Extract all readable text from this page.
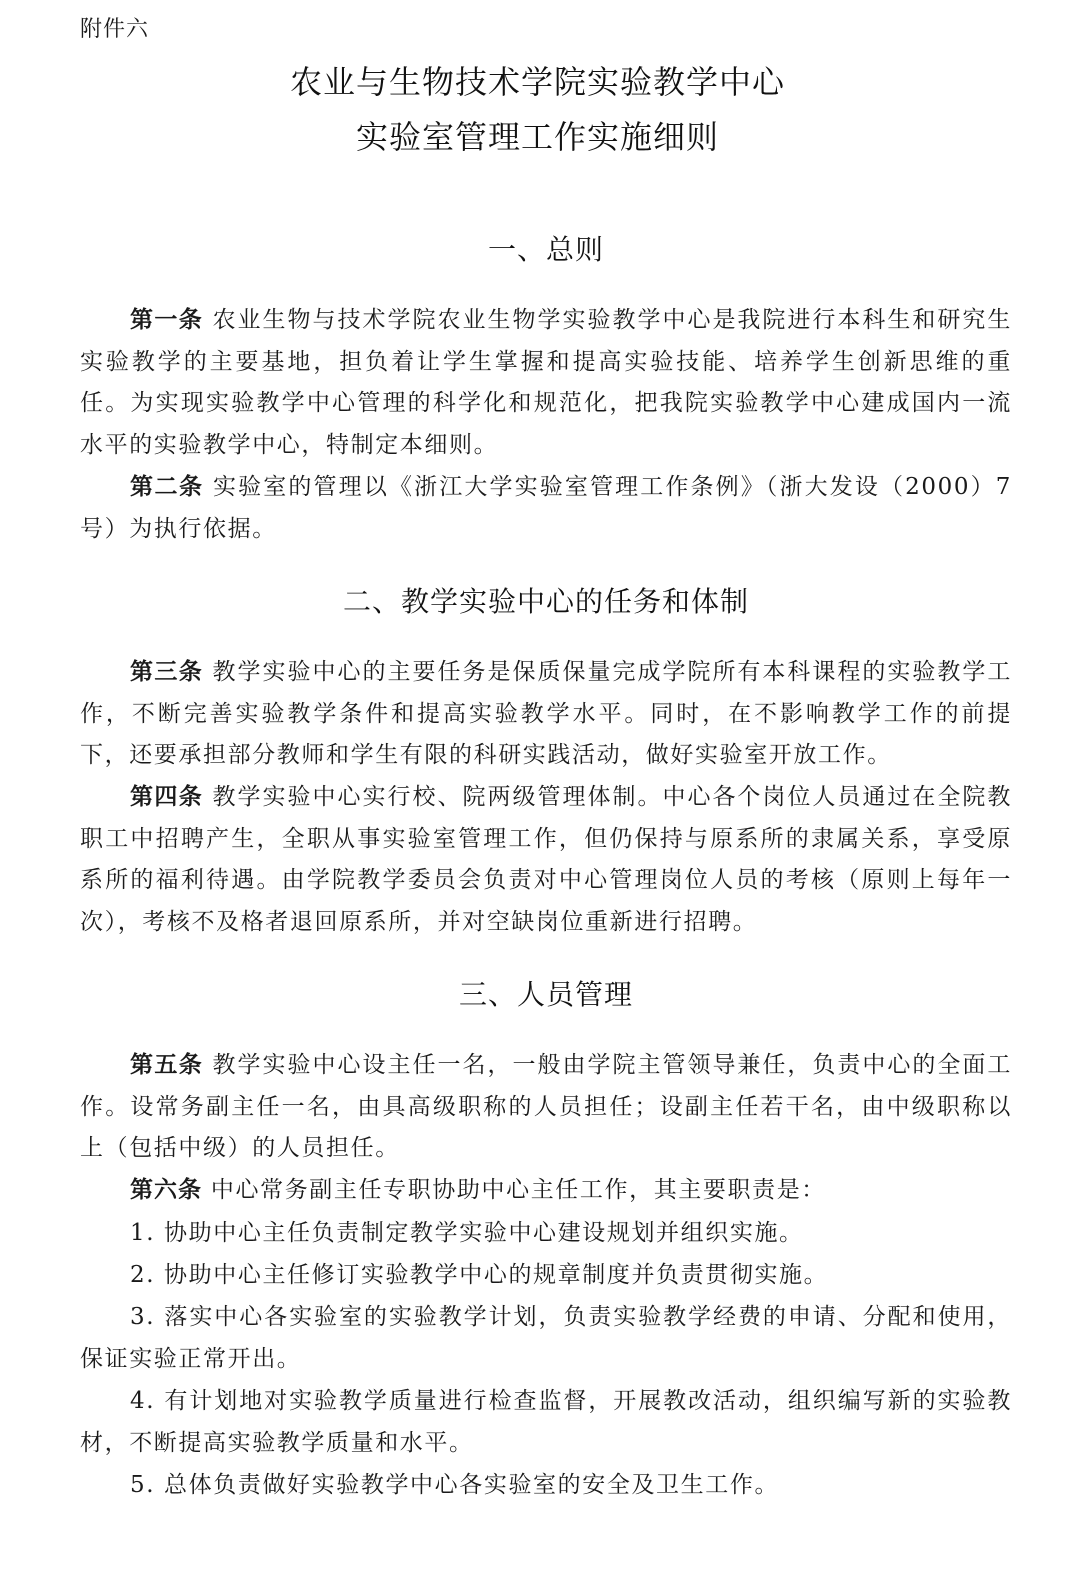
附件六
农业与生物技术学院实验教学中心
实验室管理工作实施细则
一、总则

第一条 农业生物与技术学院农业生物学实验教学中心是我院进行本科生和研究生实验教学的主要基地，担负着让学生掌握和提高实验技能、培养学生创新思维的重任。为实现实验教学中心管理的科学化和规范化，把我院实验教学中心建成国内一流水平的实验教学中心，特制定本细则。

第二条 实验室的管理以《浙江大学实验室管理工作条例》（浙大发设（2000）7号）为执行依据。

二、教学实验中心的任务和体制

第三条 教学实验中心的主要任务是保质保量完成学院所有本科课程的实验教学工作，不断完善实验教学条件和提高实验教学水平。同时，在不影响教学工作的前提下，还要承担部分教师和学生有限的科研实践活动，做好实验室开放工作。

第四条 教学实验中心实行校、院两级管理体制。中心各个岗位人员通过在全院教职工中招聘产生，全职从事实验室管理工作，但仍保持与原系所的隶属关系，享受原系所的福利待遇。由学院教学委员会负责对中心管理岗位人员的考核（原则上每年一次），考核不及格者退回原系所，并对空缺岗位重新进行招聘。

三、人员管理

第五条 教学实验中心设主任一名，一般由学院主管领导兼任，负责中心的全面工作。设常务副主任一名，由具高级职称的人员担任；设副主任若干名，由中级职称以上（包括中级）的人员担任。

第六条 中心常务副主任专职协助中心主任工作，其主要职责是：

1. 协助中心主任负责制定教学实验中心建设规划并组织实施。

2. 协助中心主任修订实验教学中心的规章制度并负责贯彻实施。

3. 落实中心各实验室的实验教学计划，负责实验教学经费的申请、分配和使用，保证实验正常开出。

4. 有计划地对实验教学质量进行检查监督，开展教改活动，组织编写新的实验教材，不断提高实验教学质量和水平。

5. 总体负责做好实验教学中心各实验室的安全及卫生工作。
